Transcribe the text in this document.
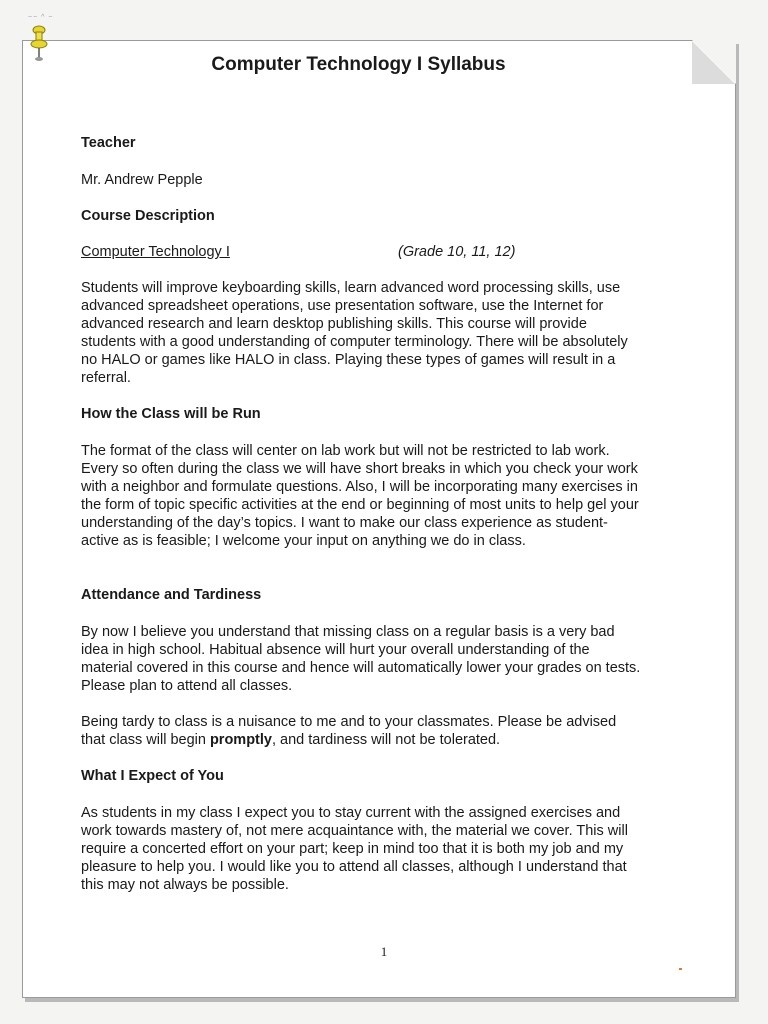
~~ ^ ~
Computer Technology I Syllabus

Teacher

Mr. Andrew Pepple

Course Description

Computer Technology I	(Grade 10, 11, 12)

Students will improve keyboarding skills, learn advanced word processing skills, use advanced spreadsheet operations, use presentation software, use the Internet for advanced research and learn desktop publishing skills. This course will provide students with a good understanding of computer terminology. There will be absolutely no HALO or games like HALO in class. Playing these types of games will result in a referral.

How the Class will be Run

The format of the class will center on lab work but will not be restricted to lab work. Every so often during the class we will have short breaks in which you check your work with a neighbor and formulate questions. Also, I will be incorporating many exercises in the form of topic specific activities at the end or beginning of most units to help gel your understanding of the day’s topics. I want to make our class experience as student-active as is feasible; I welcome your input on anything we do in class.

Attendance and Tardiness

By now I believe you understand that missing class on a regular basis is a very bad idea in high school. Habitual absence will hurt your overall understanding of the material covered in this course and hence will automatically lower your grades on tests. Please plan to attend all classes.

Being tardy to class is a nuisance to me and to your classmates. Please be advised that class will begin promptly, and tardiness will not be tolerated.

What I Expect of You

As students in my class I expect you to stay current with the assigned exercises and work towards mastery of, not mere acquaintance with, the material we cover. This will require a concerted effort on your part; keep in mind too that it is both my job and my pleasure to help you. I would like you to attend all classes, although I understand that this may not always be possible.

1
